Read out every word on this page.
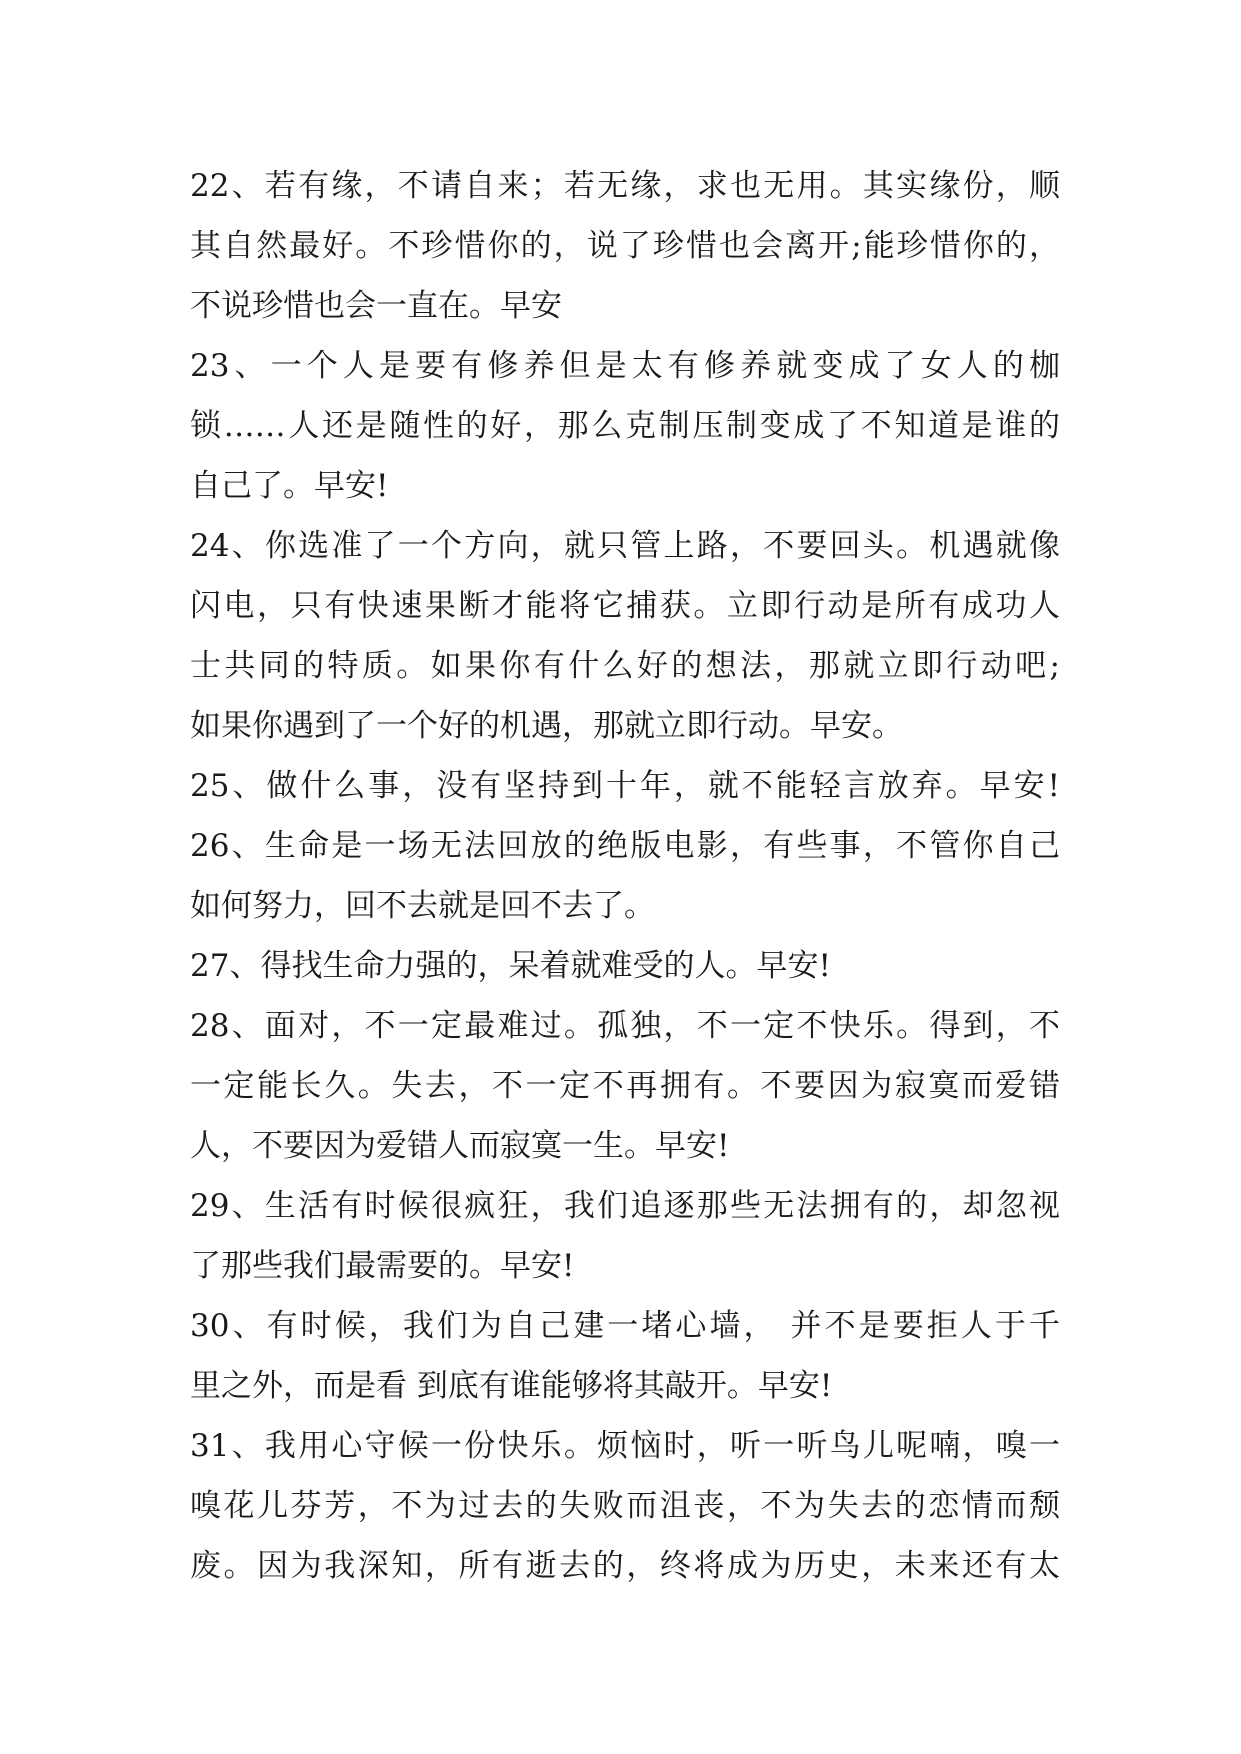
22、若有缘，不请自来；若无缘，求也无用。其实缘份，顺
其自然最好。不珍惜你的，说了珍惜也会离开;能珍惜你的，
不说珍惜也会一直在。早安
23、一个人是要有修养但是太有修养就变成了女人的枷
锁……人还是随性的好，那么克制压制变成了不知道是谁的
自己了。早安!
24、你选准了一个方向，就只管上路，不要回头。机遇就像
闪电，只有快速果断才能将它捕获。立即行动是所有成功人
士共同的特质。如果你有什么好的想法，那就立即行动吧;
如果你遇到了一个好的机遇，那就立即行动。早安。
25、做什么事，没有坚持到十年，就不能轻言放弃。早安!
26、生命是一场无法回放的绝版电影，有些事，不管你自己
如何努力，回不去就是回不去了。
27、得找生命力强的，呆着就难受的人。早安!
28、面对，不一定最难过。孤独，不一定不快乐。得到，不
一定能长久。失去，不一定不再拥有。不要因为寂寞而爱错
人，不要因为爱错人而寂寞一生。早安!
29、生活有时候很疯狂，我们追逐那些无法拥有的，却忽视
了那些我们最需要的。早安!
30、有时候，我们为自己建一堵心墙， 并不是要拒人于千
里之外，而是看 到底有谁能够将其敲开。早安!
31、我用心守候一份快乐。烦恼时，听一听鸟儿呢喃，嗅一
嗅花儿芬芳，不为过去的失败而沮丧，不为失去的恋情而颓
废。因为我深知，所有逝去的，终将成为历史，未来还有太
